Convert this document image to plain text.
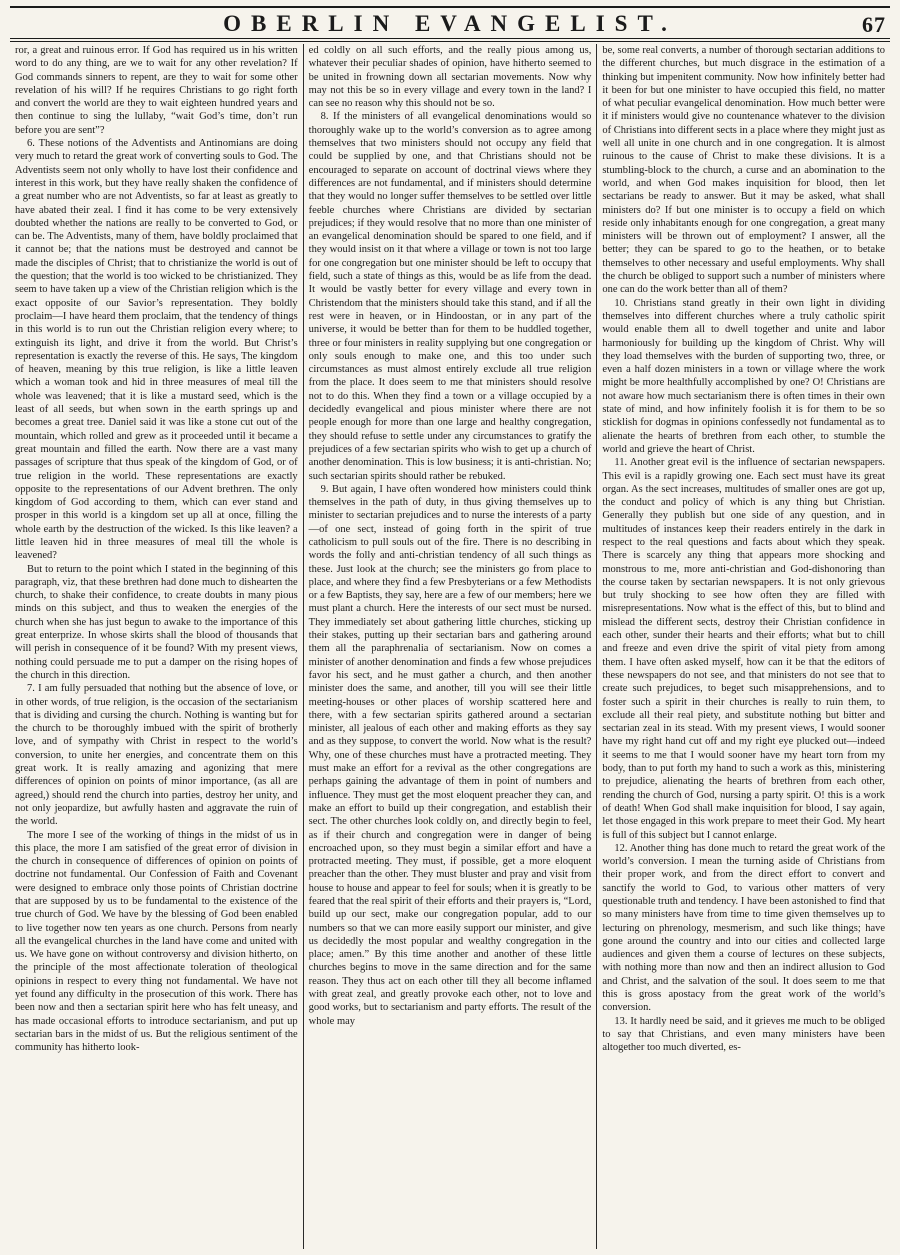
OBERLIN EVANGELIST.	67

ror, a great and ruinous error. If God has required us in his written word to do any thing, are we to wait for any other revelation? If God commands sinners to repent, are they to wait for some other revelation of his will? If he requires Christians to go right forth and convert the world are they to wait eighteen hundred years and then continue to sing the lullaby, “wait God’s time, don’t run before you are sent”?

6. These notions of the Adventists and Antinomians are doing very much to retard the great work of converting souls to God. The Adventists seem not only wholly to have lost their confidence and interest in this work, but they have really shaken the confidence of a great number who are not Adventists, so far at least as greatly to have abated their zeal. I find it has come to be very extensively doubted whether the nations are really to be converted to God, or can be. The Adventists, many of them, have boldly proclaimed that it cannot be; that the nations must be destroyed and cannot be made the disciples of Christ; that to christianize the world is out of the question; that the world is too wicked to be christianized. They seem to have taken up a view of the Christian religion which is the exact opposite of our Savior’s representation. They boldly proclaim—I have heard them proclaim, that the tendency of things in this world is to run out the Christian religion every where; to extinguish its light, and drive it from the world. But Christ’s representation is exactly the reverse of this. He says, The kingdom of heaven, meaning by this true religion, is like a little leaven which a woman took and hid in three measures of meal till the whole was leavened; that it is like a mustard seed, which is the least of all seeds, but when sown in the earth springs up and becomes a great tree. Daniel said it was like a stone cut out of the mountain, which rolled and grew as it proceeded until it became a great mountain and filled the earth. Now there are a vast many passages of scripture that thus speak of the kingdom of God, or of true religion in the world. These representations are exactly opposite to the representations of our Advent brethren. The only kingdom of God according to them, which can ever stand and prosper in this world is a kingdom set up all at once, filling the whole earth by the destruction of the wicked. Is this like leaven? a little leaven hid in three measures of meal till the whole is leavened?

But to return to the point which I stated in the beginning of this paragraph, viz, that these brethren had done much to dishearten the church, to shake their confidence, to create doubts in many pious minds on this subject, and thus to weaken the energies of the church when she has just begun to awake to the importance of this great enterprize. In whose skirts shall the blood of thousands that will perish in consequence of it be found? With my present views, nothing could persuade me to put a damper on the rising hopes of the church in this direction.

7. I am fully persuaded that nothing but the absence of love, or in other words, of true religion, is the occasion of the sectarianism that is dividing and cursing the church. Nothing is wanting but for the church to be thoroughly imbued with the spirit of brotherly love, and of sympathy with Christ in respect to the world’s conversion, to unite her energies, and concentrate them on this great work. It is really amazing and agonizing that mere differences of opinion on points of minor importance, (as all are agreed,) should rend the church into parties, destroy her unity, and not only jeopardize, but awfully hasten and aggravate the ruin of the world.

The more I see of the working of things in the midst of us in this place, the more I am satisfied of the great error of division in the church in consequence of differences of opinion on points of doctrine not fundamental. Our Confession of Faith and Covenant were designed to embrace only those points of Christian doctrine that are supposed by us to be fundamental to the existence of the true church of God. We have by the blessing of God been enabled to live together now ten years as one church. Persons from nearly all the evangelical churches in the land have come and united with us. We have gone on without controversy and division hitherto, on the principle of the most affectionate toleration of theological opinions in respect to every thing not fundamental. We have not yet found any difficulty in the prosecution of this work. There has been now and then a sectarian spirit here who has felt uneasy, and has made occasional efforts to introduce sectarianism, and put up sectarian bars in the midst of us. But the religious sentiment of the community has hitherto look-

ed coldly on all such efforts, and the really pious among us, whatever their peculiar shades of opinion, have hitherto seemed to be united in frowning down all sectarian movements. Now why may not this be so in every village and every town in the land? I can see no reason why this should not be so.

8. If the ministers of all evangelical denominations would so thoroughly wake up to the world’s conversion as to agree among themselves that two ministers should not occupy any field that could be supplied by one, and that Christians should not be encouraged to separate on account of doctrinal views where they differences are not fundamental, and if ministers should determine that they would no longer suffer themselves to be settled over little feeble churches where Christians are divided by sectarian prejudices; if they would resolve that no more than one minister of an evangelical denomination should be spared to one field, and if they would insist on it that where a village or town is not too large for one congregation but one minister should be left to occupy that field, such a state of things as this, would be as life from the dead. It would be vastly better for every village and every town in Christendom that the ministers should take this stand, and if all the rest were in heaven, or in Hindoostan, or in any part of the universe, it would be better than for them to be huddled together, three or four ministers in reality supplying but one congregation or only souls enough to make one, and this too under such circumstances as must almost entirely exclude all true religion from the place. It does seem to me that ministers should resolve not to do this. When they find a town or a village occupied by a decidedly evangelical and pious minister where there are not people enough for more than one large and healthy congregation, they should refuse to settle under any circumstances to gratify the prejudices of a few sectarian spirits who wish to get up a church of another denomination. This is low business; it is anti-christian. No; such sectarian spirits should rather be rebuked.

9. But again, I have often wondered how ministers could think themselves in the path of duty, in thus giving themselves up to minister to sectarian prejudices and to nurse the interests of a party—of one sect, instead of going forth in the spirit of true catholicism to pull souls out of the fire. There is no describing in words the folly and anti-christian tendency of all such things as these. Just look at the church; see the ministers go from place to place, and where they find a few Presbyterians or a few Methodists or a few Baptists, they say, here are a few of our members; here we must plant a church. Here the interests of our sect must be nursed. They immediately set about gathering little churches, sticking up their stakes, putting up their sectarian bars and gathering around them all the paraphrenalia of sectarianism. Now on comes a minister of another denomination and finds a few whose prejudices favor his sect, and he must gather a church, and then another minister does the same, and another, till you will see their little meeting-houses or other places of worship scattered here and there, with a few sectarian spirits gathered around a sectarian minister, all jealous of each other and making efforts as they say and as they suppose, to convert the world. Now what is the result? Why, one of these churches must have a protracted meeting. They must make an effort for a revival as the other congregations are perhaps gaining the advantage of them in point of numbers and influence. They must get the most eloquent preacher they can, and make an effort to build up their congregation, and establish their sect. The other churches look coldly on, and directly begin to feel, as if their church and congregation were in danger of being encroached upon, so they must begin a similar effort and have a protracted meeting. They must, if possible, get a more eloquent preacher than the other. They must bluster and pray and visit from house to house and appear to feel for souls; when it is greatly to be feared that the real spirit of their efforts and their prayers is, “Lord, build up our sect, make our congregation popular, add to our numbers so that we can more easily support our minister, and give us decidedly the most popular and wealthy congregation in the place; amen.” By this time another and another of these little churches begins to move in the same direction and for the same reason. They thus act on each other till they all become inflamed with great zeal, and greatly provoke each other, not to love and good works, but to sectarianism and party efforts. The result of the whole may

be, some real converts, a number of thorough sectarian additions to the different churches, but much disgrace in the estimation of a thinking but impenitent community. Now how infinitely better had it been for but one minister to have occupied this field, no matter of what peculiar evangelical denomination. How much better were it if ministers would give no countenance whatever to the division of Christians into different sects in a place where they might just as well all unite in one church and in one congregation. It is almost ruinous to the cause of Christ to make these divisions. It is a stumbling-block to the church, a curse and an abomination to the world, and when God makes inquisition for blood, then let sectarians be ready to answer. But it may be asked, what shall ministers do? If but one minister is to occupy a field on which reside only inhabitants enough for one congregation, a great many ministers will be thrown out of employment? I answer, all the better; they can be spared to go to the heathen, or to betake themselves to other necessary and useful employments. Why shall the church be obliged to support such a number of ministers where one can do the work better than all of them?

10. Christians stand greatly in their own light in dividing themselves into different churches where a truly catholic spirit would enable them all to dwell together and unite and labor harmoniously for building up the kingdom of Christ. Why will they load themselves with the burden of supporting two, three, or even a half dozen ministers in a town or village where the work might be more healthfully accomplished by one? O! Christians are not aware how much sectarianism there is often times in their own state of mind, and how infinitely foolish it is for them to be so sticklish for dogmas in opinions confessedly not fundamental as to alienate the hearts of brethren from each other, to stumble the world and grieve the heart of Christ.

11. Another great evil is the influence of sectarian newspapers. This evil is a rapidly growing one. Each sect must have its great organ. As the sect increases, multitudes of smaller ones are got up, the conduct and policy of which is any thing but Christian. Generally they publish but one side of any question, and in multitudes of instances keep their readers entirely in the dark in respect to the real questions and facts about which they speak. There is scarcely any thing that appears more shocking and monstrous to me, more anti-christian and God-dishonoring than the course taken by sectarian newspapers. It is not only grievous but truly shocking to see how often they are filled with misrepresentations. Now what is the effect of this, but to blind and mislead the different sects, destroy their Christian confidence in each other, sunder their hearts and their efforts; what but to chill and freeze and even drive the spirit of vital piety from among them. I have often asked myself, how can it be that the editors of these newspapers do not see, and that ministers do not see that to create such prejudices, to beget such misapprehensions, and to foster such a spirit in their churches is really to ruin them, to exclude all their real piety, and substitute nothing but bitter and sectarian zeal in its stead. With my present views, I would sooner have my right hand cut off and my right eye plucked out—indeed it seems to me that I would sooner have my heart torn from my body, than to put forth my hand to such a work as this, ministering to prejudice, alienating the hearts of brethren from each other, rending the church of God, nursing a party spirit. O! this is a work of death! When God shall make inquisition for blood, I say again, let those engaged in this work prepare to meet their God. My heart is full of this subject but I cannot enlarge.

12. Another thing has done much to retard the great work of the world’s conversion. I mean the turning aside of Christians from their proper work, and from the direct effort to convert and sanctify the world to God, to various other matters of very questionable truth and tendency. I have been astonished to find that so many ministers have from time to time given themselves up to lecturing on phrenology, mesmerism, and such like things; have gone around the country and into our cities and collected large audiences and given them a course of lectures on these subjects, with nothing more than now and then an indirect allusion to God and Christ, and the salvation of the soul. It does seem to me that this is gross apostacy from the great work of the world’s conversion.

13. It hardly need be said, and it grieves me much to be obliged to say that Christians, and even many ministers have been altogether too much diverted, es-
